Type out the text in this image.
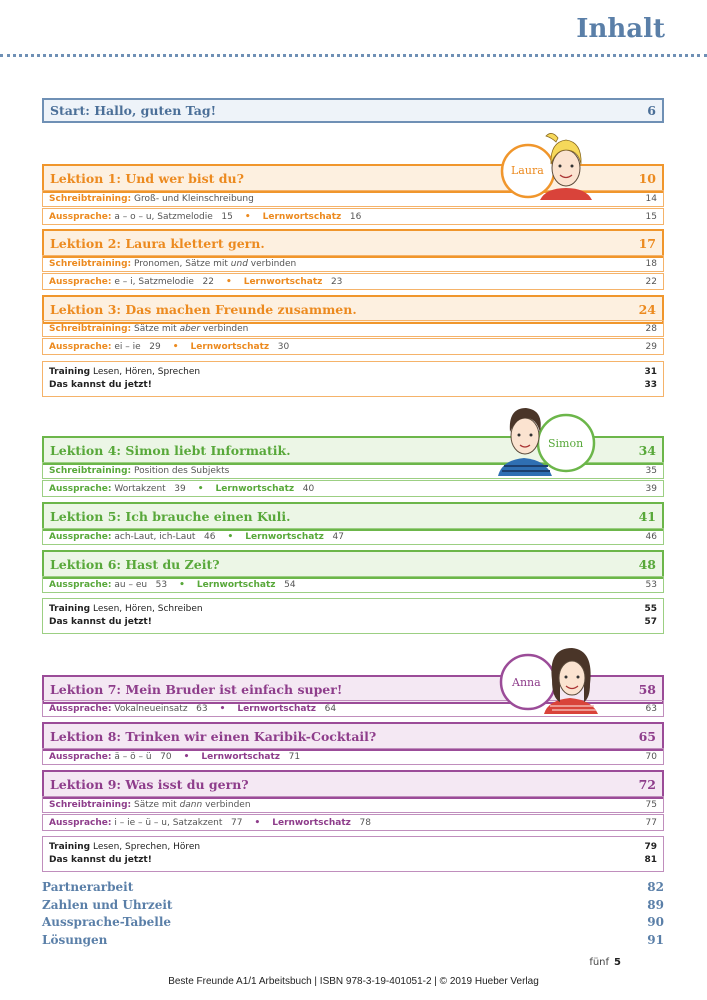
Inhalt
Start: Hallo, guten Tag!	6
Lektion 1: Und wer bist du?	10
Schreibtraining: Groß- und Kleinschreibung	14
Aussprache: a – o – u, Satzmelodie 15 • Lernwortschatz 16	15
Lektion 2: Laura klettert gern.	17
Schreibtraining: Pronomen, Sätze mit und verbinden	18
Aussprache: e – i, Satzmelodie 22 • Lernwortschatz 23	22
Lektion 3: Das machen Freunde zusammen.	24
Schreibtraining: Sätze mit aber verbinden	28
Aussprache: ei – ie 29 • Lernwortschatz 30	29
Training Lesen, Hören, Sprechen	31
Das kannst du jetzt!	33
Laura
Lektion 4: Simon liebt Informatik.	34
Schreibtraining: Position des Subjekts	35
Aussprache: Wortakzent 39 • Lernwortschatz 40	39
Lektion 5: Ich brauche einen Kuli.	41
Aussprache: ach-Laut, ich-Laut 46 • Lernwortschatz 47	46
Lektion 6: Hast du Zeit?	48
Aussprache: au – eu 53 • Lernwortschatz 54	53
Training Lesen, Hören, Schreiben	55
Das kannst du jetzt!	57
Simon
Lektion 7: Mein Bruder ist einfach super!	58
Aussprache: Vokalneueinsatz 63 • Lernwortschatz 64	63
Lektion 8: Trinken wir einen Karibik-Cocktail?	65
Aussprache: ä – ö – ü 70 • Lernwortschatz 71	70
Lektion 9: Was isst du gern?	72
Schreibtraining: Sätze mit dann verbinden	75
Aussprache: i – ie – ü – u, Satzakzent 77 • Lernwortschatz 78	77
Training Lesen, Sprechen, Hören	79
Das kannst du jetzt!	81
Anna
Partnerarbeit	82
Zahlen und Uhrzeit	89
Aussprache-Tabelle	90
Lösungen	91
fünf 5
Beste Freunde A1/1 Arbeitsbuch | ISBN 978-3-19-401051-2 | © 2019 Hueber Verlag
